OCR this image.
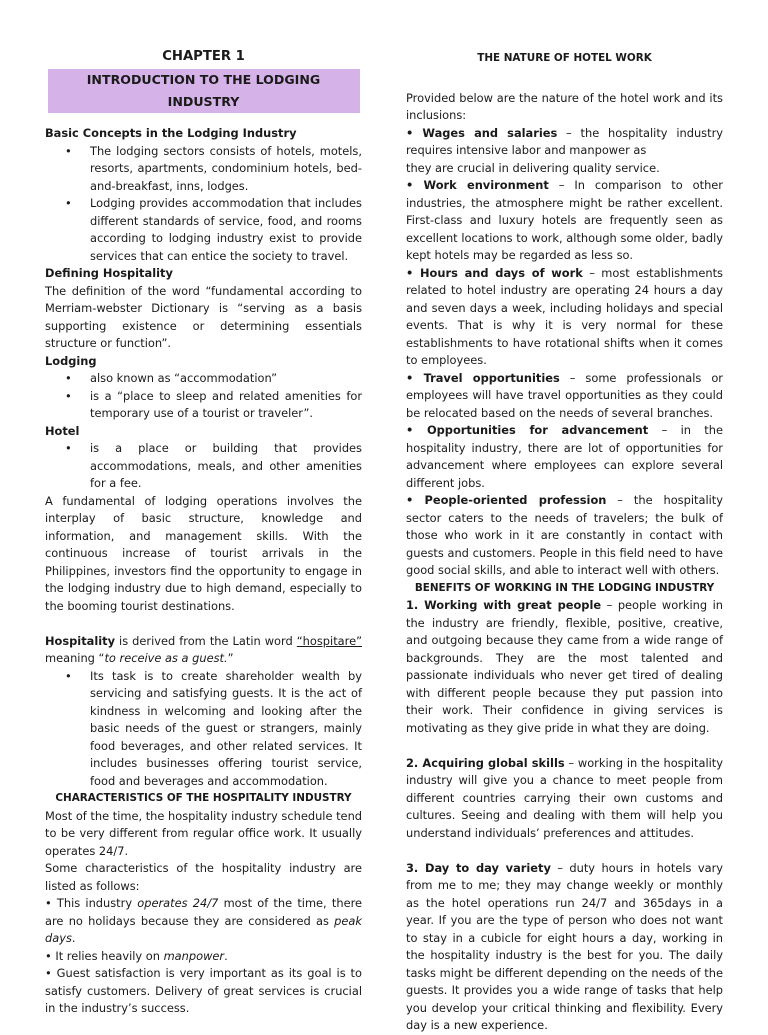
CHAPTER 1

INTRODUCTION TO THE LODGING INDUSTRY

Basic Concepts in the Lodging Industry

• The lodging sectors consists of hotels, motels, resorts, apartments, condominium hotels, bed-and-breakfast, inns, lodges.
• Lodging provides accommodation that includes different standards of service, food, and rooms according to lodging industry exist to provide services that can entice the society to travel.

Defining Hospitality

The definition of the word “fundamental according to Merriam-webster Dictionary is “serving as a basis supporting existence or determining essentials structure or function”.

Lodging

• also known as “accommodation”
• is a “place to sleep and related amenities for temporary use of a tourist or traveler”.

Hotel

• is a place or building that provides accommodations, meals, and other amenities for a fee.

A fundamental of lodging operations involves the interplay of basic structure, knowledge and information, and management skills. With the continuous increase of tourist arrivals in the Philippines, investors find the opportunity to engage in the lodging industry due to high demand, especially to the booming tourist destinations.

Hospitality is derived from the Latin word “hospitare” meaning “to receive as a guest.”

• Its task is to create shareholder wealth by servicing and satisfying guests. It is the act of kindness in welcoming and looking after the basic needs of the guest or strangers, mainly food beverages, and other related services. It includes businesses offering tourist service, food and beverages and accommodation.

CHARACTERISTICS OF THE HOSPITALITY INDUSTRY

Most of the time, the hospitality industry schedule tend to be very different from regular office work. It usually operates 24/7.

Some characteristics of the hospitality industry are listed as follows:

• This industry operates 24/7 most of the time, there are no holidays because they are considered as peak days.

• It relies heavily on manpower.

• Guest satisfaction is very important as its goal is to satisfy customers. Delivery of great services is crucial in the industry’s success.

THE NATURE OF HOTEL WORK

Provided below are the nature of the hotel work and its inclusions:

• Wages and salaries – the hospitality industry requires intensive labor and manpower as

they are crucial in delivering quality service.

• Work environment – In comparison to other industries, the atmosphere might be rather excellent. First-class and luxury hotels are frequently seen as excellent locations to work, although some older, badly kept hotels may be regarded as less so.

• Hours and days of work – most establishments related to hotel industry are operating 24 hours a day and seven days a week, including holidays and special events. That is why it is very normal for these establishments to have rotational shifts when it comes to employees.

• Travel opportunities – some professionals or employees will have travel opportunities as they could be relocated based on the needs of several branches.

• Opportunities for advancement – in the hospitality industry, there are lot of opportunities for advancement where employees can explore several different jobs.

• People-oriented profession – the hospitality sector caters to the needs of travelers; the bulk of those who work in it are constantly in contact with guests and customers. People in this field need to have good social skills, and able to interact well with others.

BENEFITS OF WORKING IN THE LODGING INDUSTRY

1. Working with great people – people working in the industry are friendly, flexible, positive, creative, and outgoing because they came from a wide range of backgrounds. They are the most talented and passionate individuals who never get tired of dealing with different people because they put passion into their work. Their confidence in giving services is motivating as they give pride in what they are doing.

2. Acquiring global skills – working in the hospitality industry will give you a chance to meet people from different countries carrying their own customs and cultures. Seeing and dealing with them will help you understand individuals’ preferences and attitudes.

3. Day to day variety – duty hours in hotels vary from me to me; they may change weekly or monthly as the hotel operations run 24/7 and 365days in a year. If you are the type of person who does not want to stay in a cubicle for eight hours a day, working in the hospitality industry is the best for you. The daily tasks might be different depending on the needs of the guests. It provides you a wide range of tasks that help you develop your critical thinking and flexibility. Every day is a new experience.
